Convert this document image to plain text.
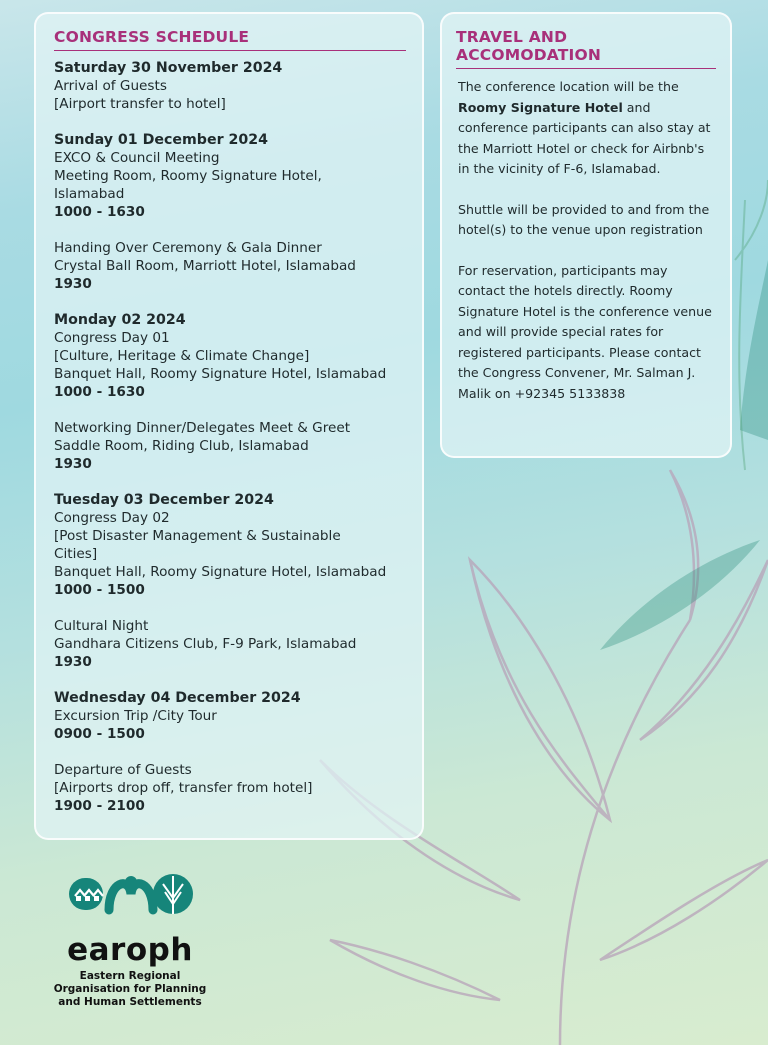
CONGRESS SCHEDULE
Saturday 30 November 2024
Arrival of Guests
[Airport transfer to hotel]
Sunday 01 December 2024
EXCO & Council Meeting
Meeting Room, Roomy Signature Hotel,
Islamabad
1000 - 1630
Handing Over Ceremony & Gala Dinner
Crystal Ball Room, Marriott Hotel, Islamabad
1930
Monday 02 2024
Congress Day 01
[Culture, Heritage & Climate Change]
Banquet Hall, Roomy Signature Hotel, Islamabad
1000 - 1630
Networking Dinner/Delegates Meet & Greet
Saddle Room, Riding Club, Islamabad
1930
Tuesday 03 December 2024
Congress Day 02
[Post Disaster Management & Sustainable
Cities]
Banquet Hall, Roomy Signature Hotel, Islamabad
1000 - 1500
Cultural Night
Gandhara Citizens Club, F-9 Park, Islamabad
1930
Wednesday 04 December 2024
Excursion Trip /City Tour
0900 - 1500
Departure of Guests
[Airports drop off, transfer from hotel]
1900 - 2100
TRAVEL AND ACCOMODATION

The conference location will be the
Roomy Signature Hotel and conference participants can also stay at the Marriott Hotel or check for Airbnb's in the vicinity of F-6, Islamabad.

Shuttle will be provided to and from the hotel(s) to the venue upon registration

For reservation, participants may contact the hotels directly. Roomy Signature Hotel is the conference venue and will provide special rates for registered participants. Please contact the Congress Convener, Mr. Salman J. Malik on +92345 5133838

earoph
Eastern Regional
Organisation for Planning
and Human Settlements
